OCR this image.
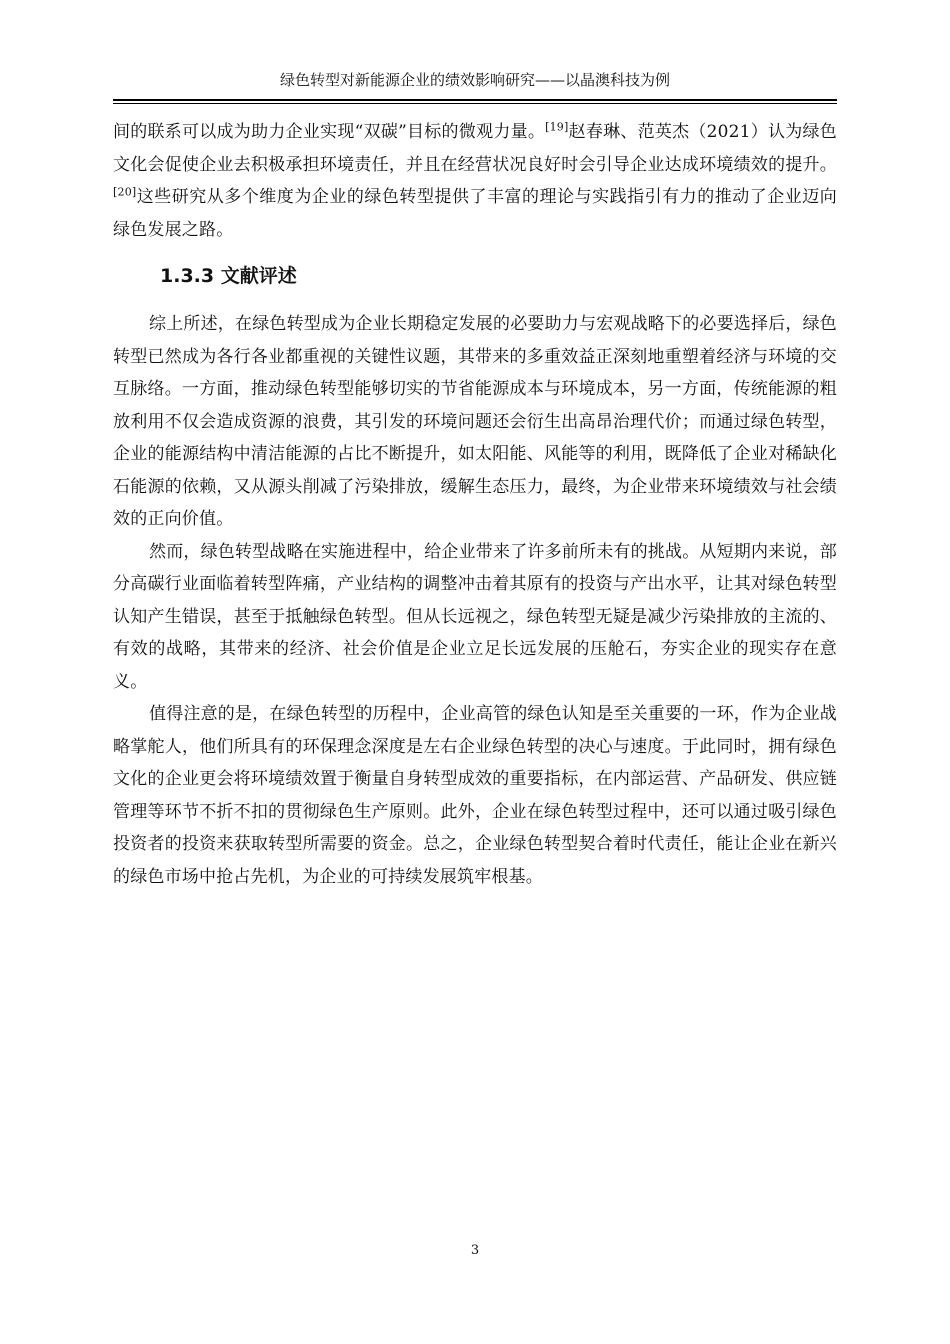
绿色转型对新能源企业的绩效影响研究——以晶澳科技为例

间的联系可以成为助力企业实现“双碳”目标的微观力量。[19]赵春琳、范英杰（2021）认为绿色文化会促使企业去积极承担环境责任，并且在经营状况良好时会引导企业达成环境绩效的提升。[20]这些研究从多个维度为企业的绿色转型提供了丰富的理论与实践指引有力的推动了企业迈向绿色发展之路。

1.3.3 文献评述

综上所述，在绿色转型成为企业长期稳定发展的必要助力与宏观战略下的必要选择后，绿色转型已然成为各行各业都重视的关键性议题，其带来的多重效益正深刻地重塑着经济与环境的交互脉络。一方面，推动绿色转型能够切实的节省能源成本与环境成本，另一方面，传统能源的粗放利用不仅会造成资源的浪费，其引发的环境问题还会衍生出高昂治理代价；而通过绿色转型，企业的能源结构中清洁能源的占比不断提升，如太阳能、风能等的利用，既降低了企业对稀缺化石能源的依赖，又从源头削减了污染排放，缓解生态压力，最终，为企业带来环境绩效与社会绩效的正向价值。

然而，绿色转型战略在实施进程中，给企业带来了许多前所未有的挑战。从短期内来说，部分高碳行业面临着转型阵痛，产业结构的调整冲击着其原有的投资与产出水平，让其对绿色转型认知产生错误，甚至于抵触绿色转型。但从长远视之，绿色转型无疑是减少污染排放的主流的、有效的战略，其带来的经济、社会价值是企业立足长远发展的压舱石，夯实企业的现实存在意义。

值得注意的是，在绿色转型的历程中，企业高管的绿色认知是至关重要的一环，作为企业战略掌舵人，他们所具有的环保理念深度是左右企业绿色转型的决心与速度。于此同时，拥有绿色文化的企业更会将环境绩效置于衡量自身转型成效的重要指标，在内部运营、产品研发、供应链管理等环节不折不扣的贯彻绿色生产原则。此外，企业在绿色转型过程中，还可以通过吸引绿色投资者的投资来获取转型所需要的资金。总之，企业绿色转型契合着时代责任，能让企业在新兴的绿色市场中抢占先机，为企业的可持续发展筑牢根基。

3
